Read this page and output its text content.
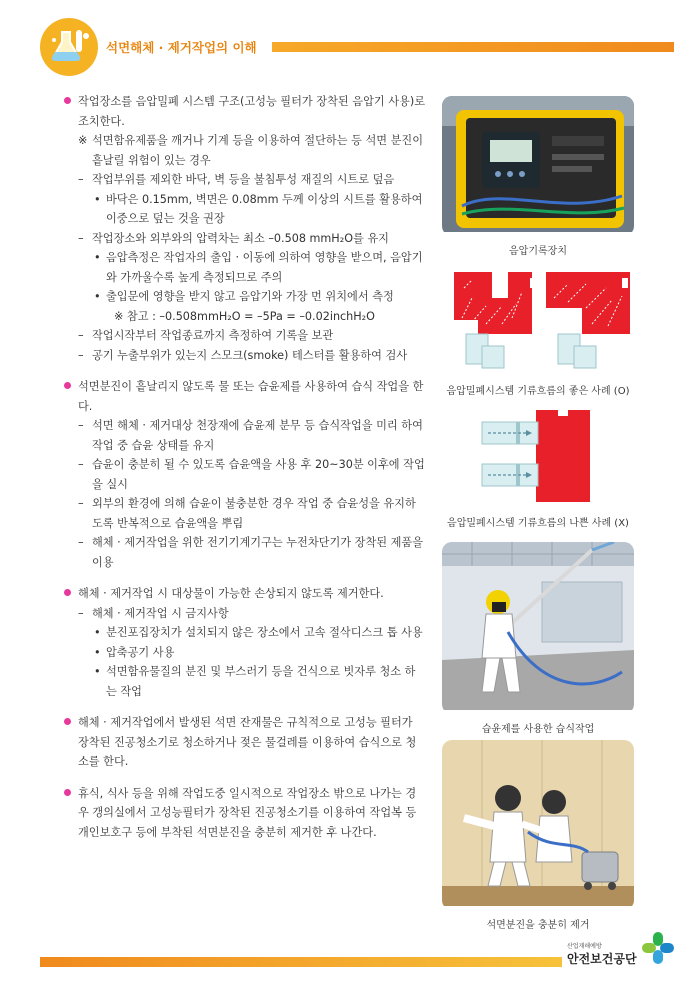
석면해체 · 제거작업의 이해
작업장소를 음압밀폐 시스템 구조(고성능 필터가 장착된 음압기 사용)로 조치한다.
※ 석면함유제품을 깨거나 기계 등을 이용하여 절단하는 등 석면 분진이 흩날릴 위험이 있는 경우
– 작업부위를 제외한 바닥, 벽 등을 불침투성 재질의 시트로 덮음
• 바닥은 0.15mm, 벽면은 0.08mm 두께 이상의 시트를 활용하여 이중으로 덮는 것을 권장
– 작업장소와 외부와의 압력차는 최소 –0.508 mmH₂O를 유지
• 음압측정은 작업자의 출입 · 이동에 의하여 영향을 받으며, 음압기와 가까울수록 높게 측정되므로 주의
• 출입문에 영향을 받지 않고 음압기와 가장 먼 위치에서 측정
※ 참고 : –0.508mmH₂O = –5Pa = –0.02inchH₂O
– 작업시작부터 작업종료까지 측정하여 기록을 보관
– 공기 누출부위가 있는지 스모크(smoke) 테스터를 활용하여 검사
석면분진이 흩날리지 않도록 물 또는 습윤제를 사용하여 습식 작업을 한다.
– 석면 해체 · 제거대상 천장재에 습윤제 분무 등 습식작업을 미리 하여 작업 중 습윤 상태를 유지
– 습윤이 충분히 될 수 있도록 습윤액을 사용 후 20~30분 이후에 작업을 실시
– 외부의 환경에 의해 습윤이 불충분한 경우 작업 중 습윤성을 유지하도록 반복적으로 습윤액을 뿌림
– 해체 · 제거작업을 위한 전기기계기구는 누전차단기가 장착된 제품을 이용
해체 · 제거작업 시 대상물이 가능한 손상되지 않도록 제거한다.
– 해체 · 제거작업 시 금지사항
• 분진포집장치가 설치되지 않은 장소에서 고속 절삭디스크 톱 사용
• 압축공기 사용
• 석면함유물질의 분진 및 부스러기 등을 건식으로 빗자루 청소 하는 작업
해체 · 제거작업에서 발생된 석면 잔재물은 규칙적으로 고성능 필터가 장착된 진공청소기로 청소하거나 젖은 물걸레를 이용하여 습식으로 청소를 한다.
휴식, 식사 등을 위해 작업도중 일시적으로 작업장소 밖으로 나가는 경우 갱의실에서 고성능필터가 장착된 진공청소기를 이용하여 작업복 등 개인보호구 등에 부착된 석면분진을 충분히 제거한 후 나간다.
음압기록장치
음압밀폐시스템 기류흐름의 좋은 사례 (O)
음압밀폐시스템 기류흐름의 나쁜 사례 (X)
습윤제를 사용한 습식작업
석면분진을 충분히 제거
산업재해예방
안전보건공단
